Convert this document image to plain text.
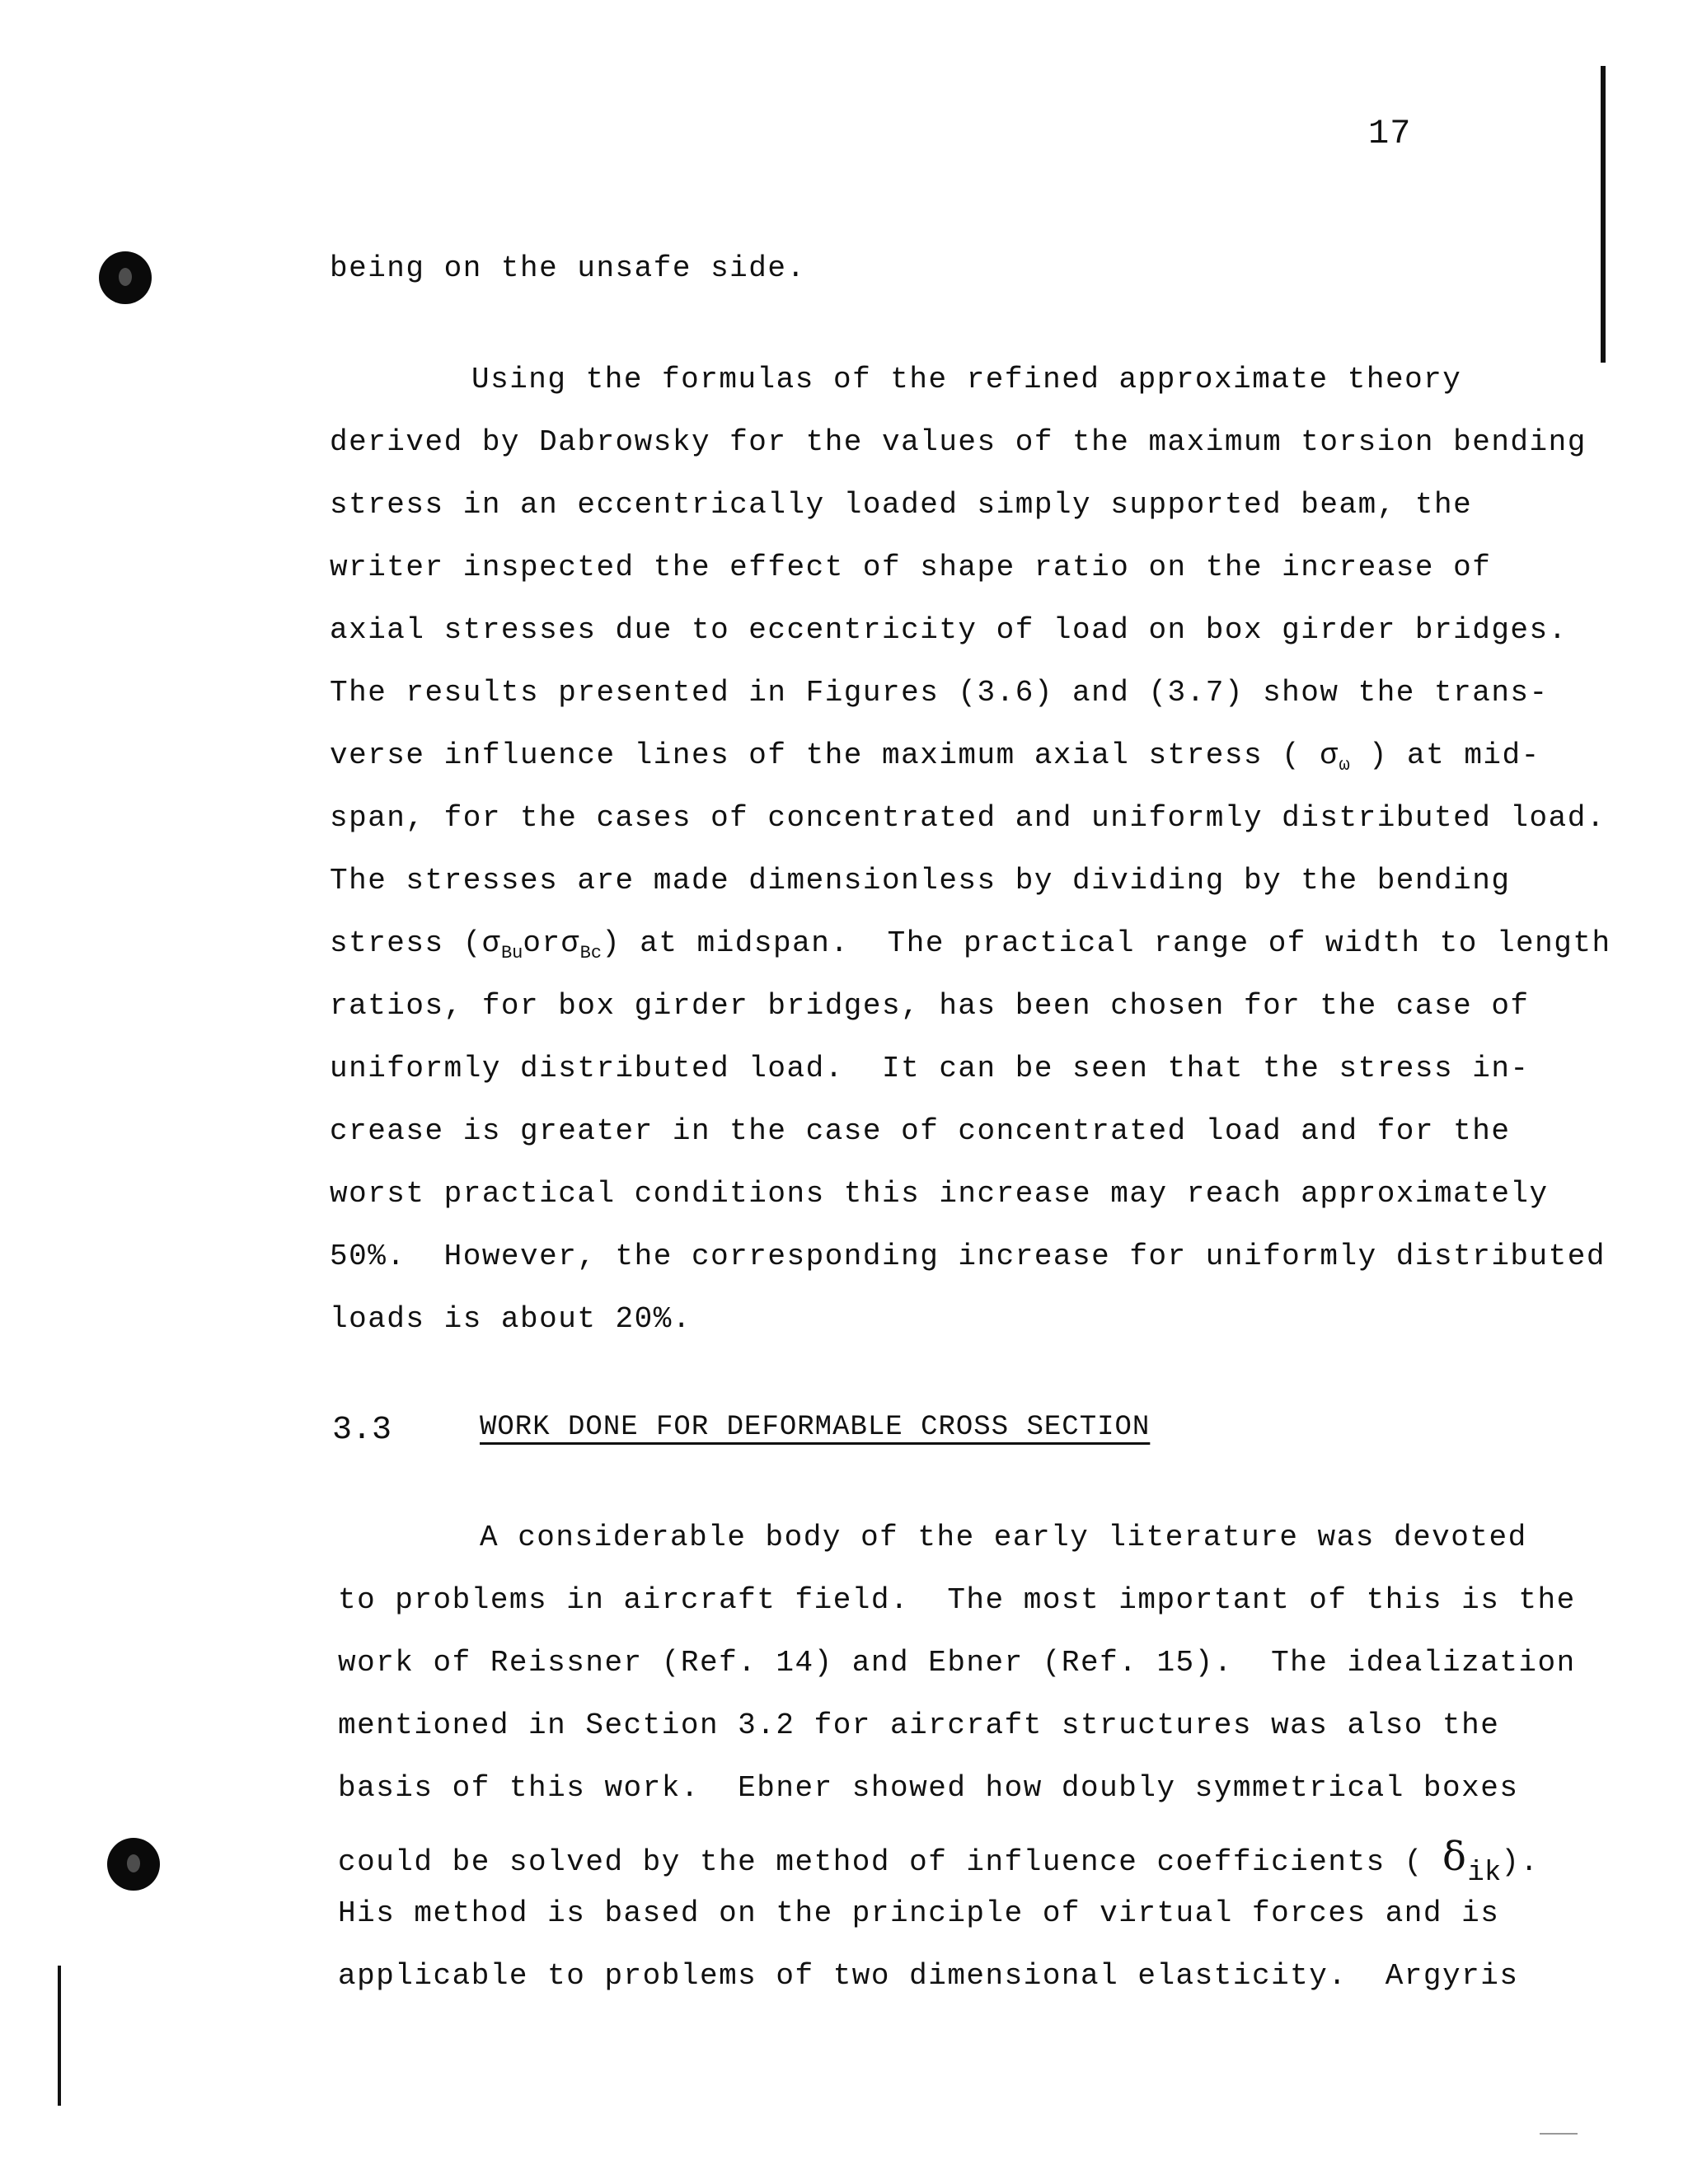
17
being on the unsafe side.
Using the formulas of the refined approximate theory
derived by Dabrowsky for the values of the maximum torsion bending
stress in an eccentrically loaded simply supported beam, the
writer inspected the effect of shape ratio on the increase of
axial stresses due to eccentricity of load on box girder bridges.
The results presented in Figures (3.6) and (3.7) show the trans-
verse influence lines of the maximum axial stress ( $\sigma_\omega$ ) at mid-
span, for the cases of concentrated and uniformly distributed load.
The stresses are made dimensionless by dividing by the bending
stress $(\sigma_{Bu}or\sigma_{Bc})$ at midspan.  The practical range of width to length
ratios, for box girder bridges, has been chosen for the case of
uniformly distributed load.  It can be seen that the stress in-
crease is greater in the case of concentrated load and for the
worst practical conditions this increase may reach approximately
50%.  However, the corresponding increase for uniformly distributed
loads is about 20%.
3.3	WORK DONE FOR DEFORMABLE CROSS SECTION
A considerable body of the early literature was devoted
to problems in aircraft field.  The most important of this is the
work of Reissner (Ref. 14) and Ebner (Ref. 15).  The idealization
mentioned in Section 3.2 for aircraft structures was also the
basis of this work.  Ebner showed how doubly symmetrical boxes
could be solved by the method of influence coefficients ( δik).
His method is based on the principle of virtual forces and is
applicable to problems of two dimensional elasticity.  Argyris
